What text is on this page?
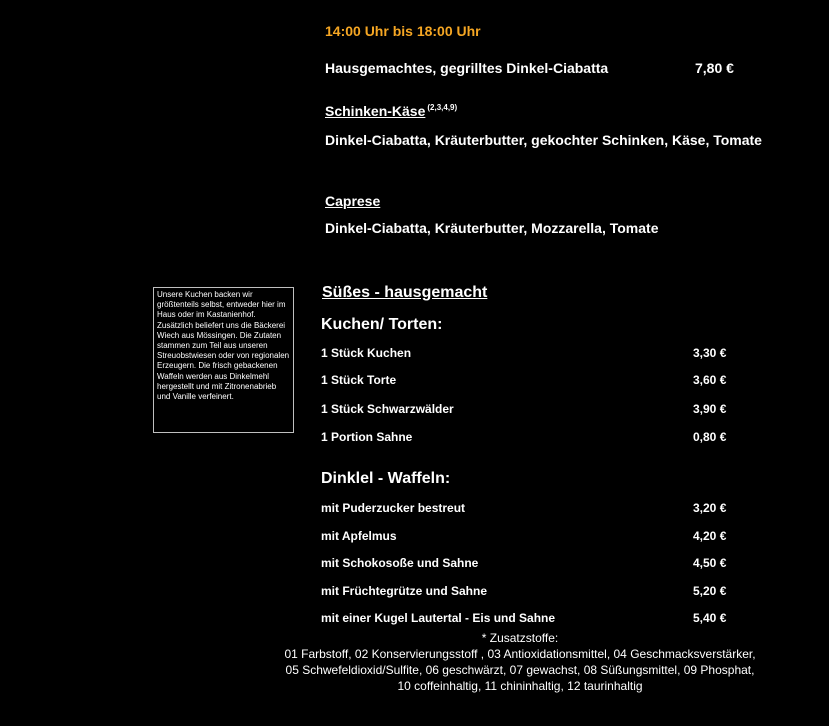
14:00 Uhr bis 18:00 Uhr
Hausgemachtes, gegrilltes Dinkel-Ciabatta	7,80 €
Schinken-Käse $^{(2,3,4,9)}$
Dinkel-Ciabatta, Kräuterbutter, gekochter Schinken, Käse, Tomate
Caprese
Dinkel-Ciabatta, Kräuterbutter, Mozzarella, Tomate
Unsere Kuchen backen wir größtenteils selbst, entweder hier im Haus oder im Kastanienhof. Zusätzlich beliefert uns die Bäckerei Wiech aus Mössingen. Die Zutaten stammen zum Teil aus unseren Streuobstwiesen oder von regionalen Erzeugern. Die frisch gebackenen Waffeln werden aus Dinkelmehl hergestellt und mit Zitronenabrieb und Vanille verfeinert.
Süßes - hausgemacht
Kuchen/ Torten:
1 Stück Kuchen	3,30 €
1 Stück Torte	3,60 €
1 Stück Schwarzwälder	3,90 €
1 Portion Sahne	0,80 €
Dinklel - Waffeln:
mit Puderzucker bestreut	3,20 €
mit Apfelmus	4,20 €
mit Schokosoße und Sahne	4,50 €
mit Früchtegrütze und Sahne	5,20 €
mit einer Kugel Lautertal - Eis und Sahne	5,40 €
* Zusatzstoffe:
01 Farbstoff, 02 Konservierungsstoff , 03 Antioxidationsmittel, 04 Geschmacksverstärker,
05 Schwefeldioxid/Sulfite, 06 geschwärzt, 07 gewachst, 08 Süßungsmittel, 09 Phosphat,
10 coffeinhaltig, 11 chininhaltig, 12 taurinhaltig
